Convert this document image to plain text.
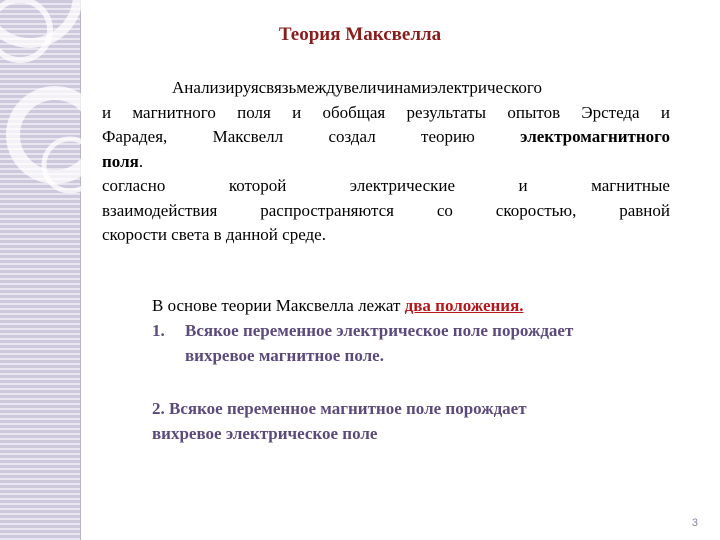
Теория Максвелла
Анализируясвязьмеждувеличинамиэлектрического
и магнитного поля и обобщая результаты опытов Эрстеда и
Фарадея,	Максвелл	создал	теорию	электромагнитного
поля.
согласно	которой	электрические	и	магнитные
взаимодействия	распространяются	со	скоростью,	равной
скорости света в данной среде.
В основе теории Максвелла лежат два положения.
1. Всякое переменное электрическое поле порождает
вихревое магнитное поле.
2. Всякое переменное магнитное поле порождает
вихревое электрическое поле
3
